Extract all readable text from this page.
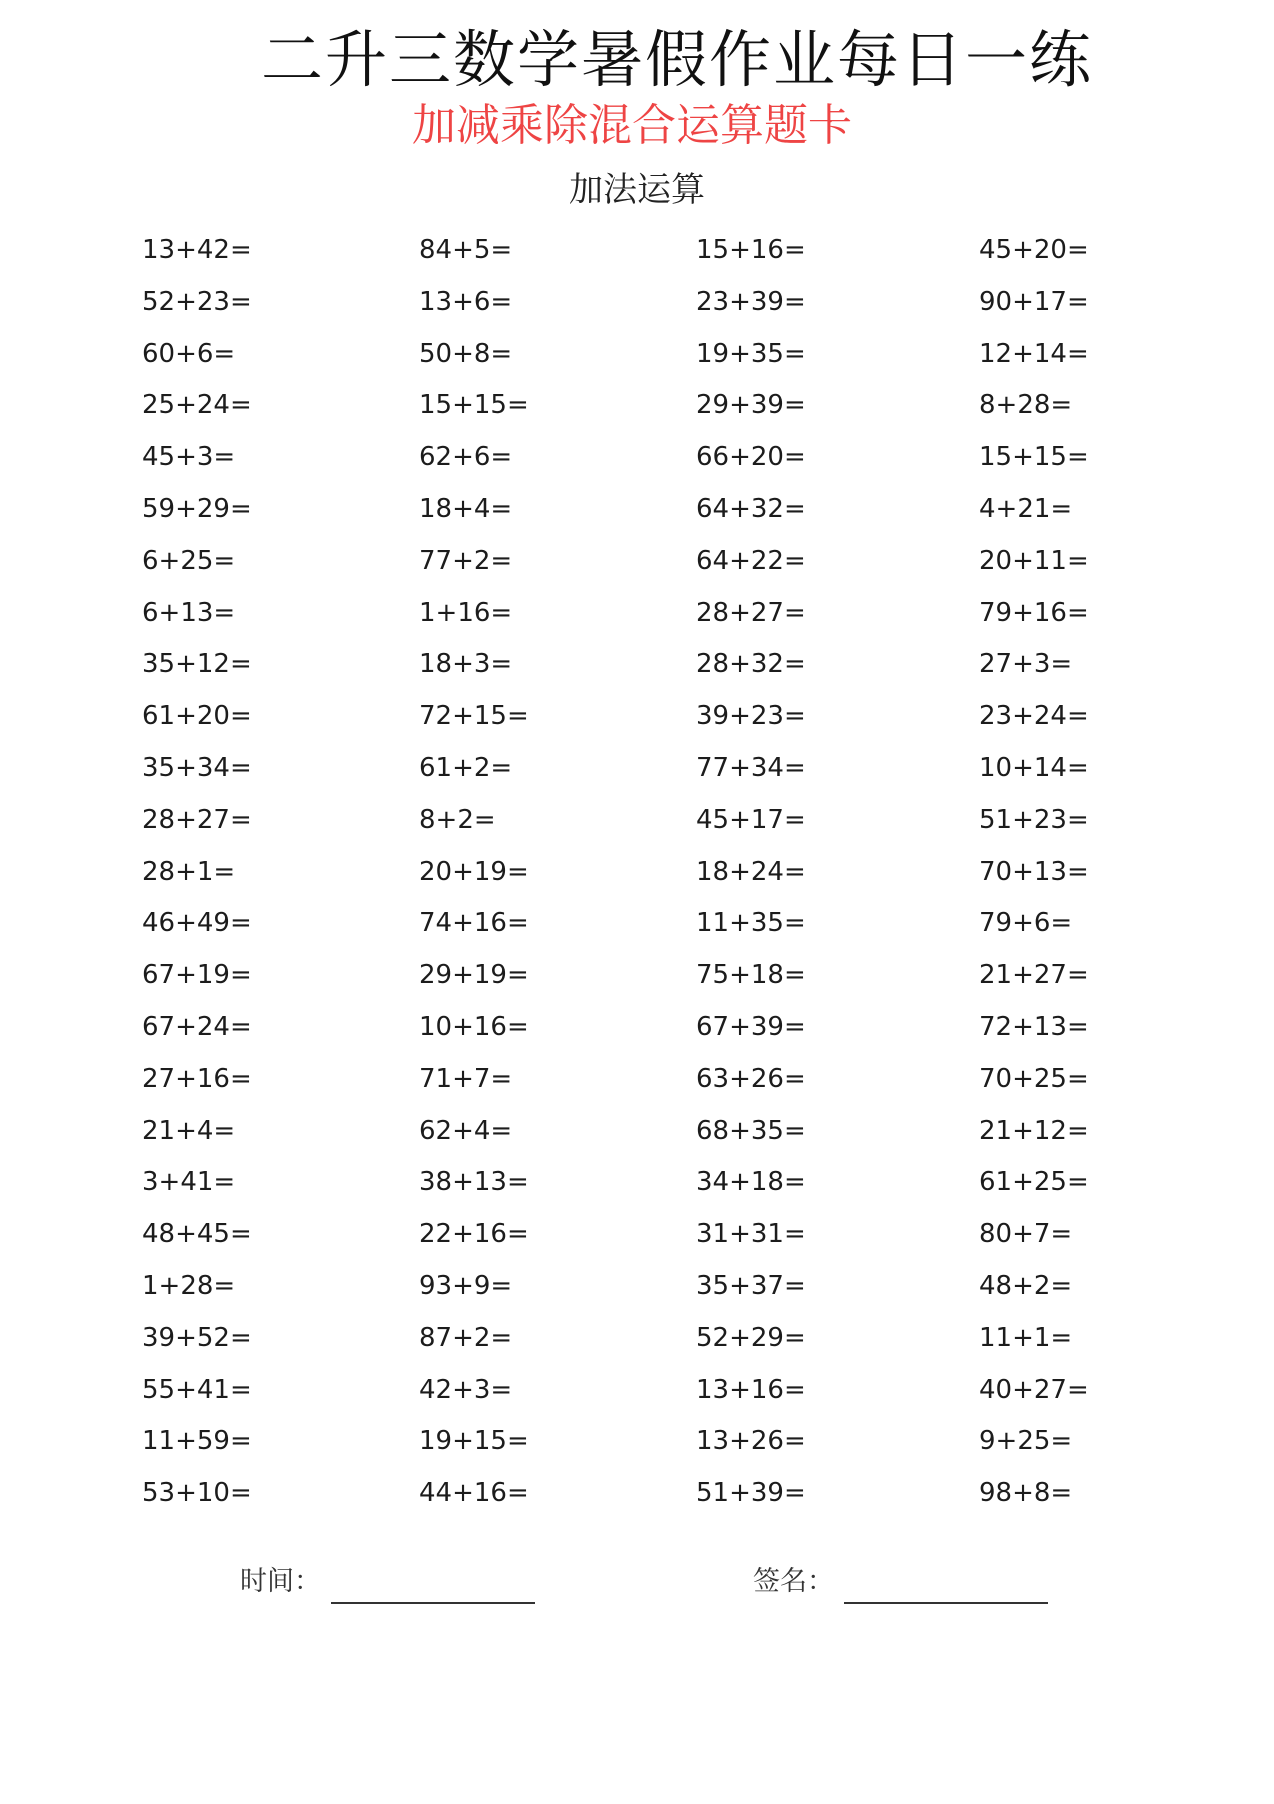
二升三数学暑假作业每日一练
加减乘除混合运算题卡
加法运算
13+42=	84+5=	15+16=	45+20=
52+23=	13+6=	23+39=	90+17=
60+6=	50+8=	19+35=	12+14=
25+24=	15+15=	29+39=	8+28=
45+3=	62+6=	66+20=	15+15=
59+29=	18+4=	64+32=	4+21=
6+25=	77+2=	64+22=	20+11=
6+13=	1+16=	28+27=	79+16=
35+12=	18+3=	28+32=	27+3=
61+20=	72+15=	39+23=	23+24=
35+34=	61+2=	77+34=	10+14=
28+27=	8+2=	45+17=	51+23=
28+1=	20+19=	18+24=	70+13=
46+49=	74+16=	11+35=	79+6=
67+19=	29+19=	75+18=	21+27=
67+24=	10+16=	67+39=	72+13=
27+16=	71+7=	63+26=	70+25=
21+4=	62+4=	68+35=	21+12=
3+41=	38+13=	34+18=	61+25=
48+45=	22+16=	31+31=	80+7=
1+28=	93+9=	35+37=	48+2=
39+52=	87+2=	52+29=	11+1=
55+41=	42+3=	13+16=	40+27=
11+59=	19+15=	13+26=	9+25=
53+10=	44+16=	51+39=	98+8=
时间：	签名：
